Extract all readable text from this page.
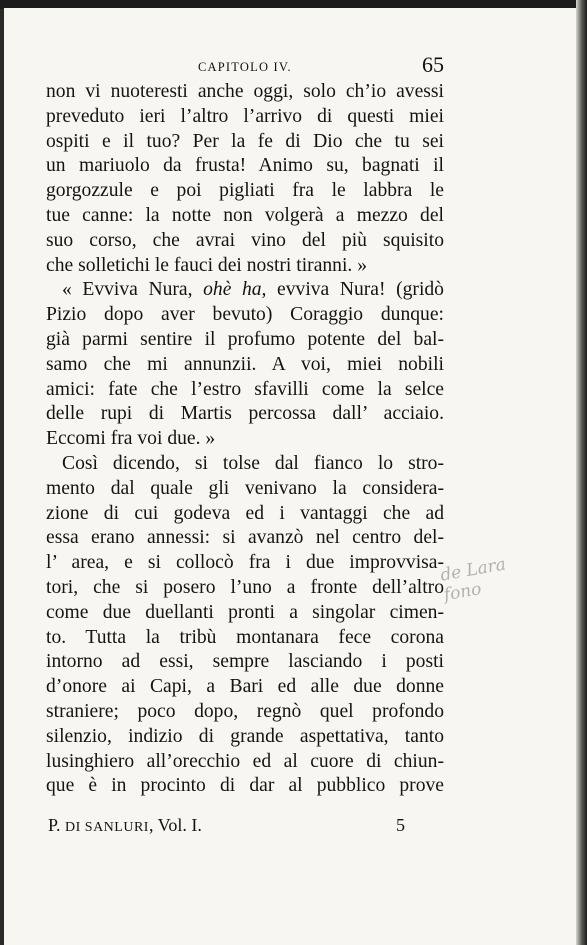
CAPITOLO IV.	65
non vi nuoteresti anche oggi, solo ch’io avessi
preveduto ieri l’altro l’arrivo di questi miei
ospiti e il tuo? Per la fe di Dio che tu sei
un mariuolo da frusta! Animo su, bagnati il
gorgozzule e poi pigliati fra le labbra le
tue canne: la notte non volgerà a mezzo del
suo corso, che avrai vino del più squisito
che solletichi le fauci dei nostri tiranni. »
« Evviva Nura, ohè ha, evviva Nura! (gridò
Pizio dopo aver bevuto) Coraggio dunque:
già parmi sentire il profumo potente del bal-
samo che mi annunzii. A voi, miei nobili
amici: fate che l’estro sfavilli come la selce
delle rupi di Martis percossa dall’ acciaio.
Eccomi fra voi due. »
Così dicendo, si tolse dal fianco lo stro-
mento dal quale gli venivano la considera-
zione di cui godeva ed i vantaggi che ad
essa erano annessi: si avanzò nel centro del-
l’ area, e si collocò fra i due improvvisa-
tori, che si posero l’uno a fronte dell’altro
come due duellanti pronti a singolar cimen-
to. Tutta la tribù montanara fece corona
intorno ad essi, sempre lasciando i posti
d’onore ai Capi, a Bari ed alle due donne
straniere; poco dopo, regnò quel profondo
silenzio, indizio di grande aspettativa, tanto
lusinghiero all’orecchio ed al cuore di chiun-
que è in procinto di dar al pubblico prove
de Lara
fono
P. DI SANLURI, Vol. I.	5
